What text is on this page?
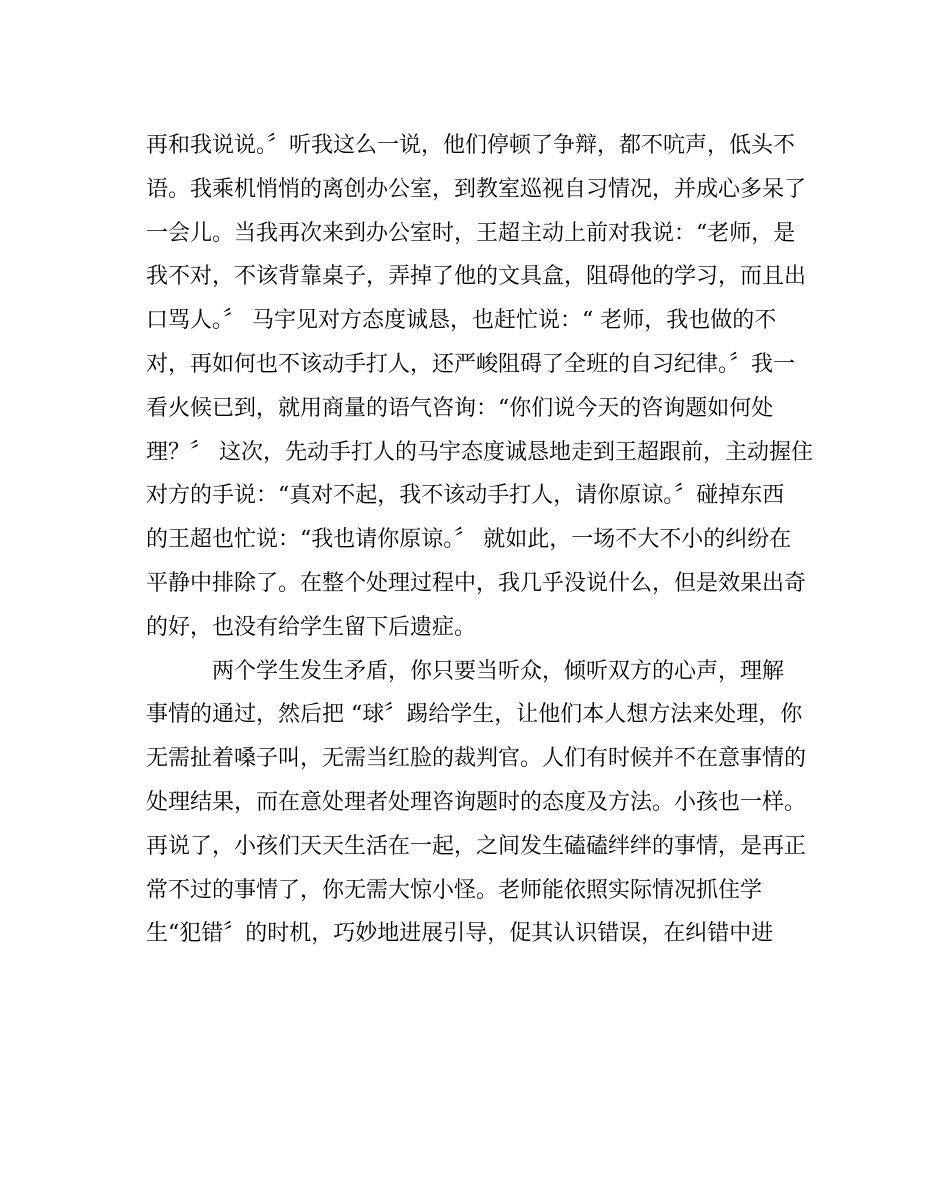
再和我说说。〞听我这么一说，他们停顿了争辩，都不吭声，低头不
语。我乘机悄悄的离创办公室，到教室巡视自习情况，并成心多呆了
一会儿。当我再次来到办公室时，王超主动上前对我说：“老师，是
我不对，不该背靠桌子，弄掉了他的文具盒，阻碍他的学习，而且出
口骂人。〞 马宇见对方态度诚恳，也赶忙说：“ 老师，我也做的不
对，再如何也不该动手打人，还严峻阻碍了全班的自习纪律。〞我一
看火候已到，就用商量的语气咨询：“你们说今天的咨询题如何处
理？〞 这次，先动手打人的马宇态度诚恳地走到王超跟前，主动握住
对方的手说：“真对不起，我不该动手打人，请你原谅。〞碰掉东西
的王超也忙说：“我也请你原谅。〞 就如此，一场不大不小的纠纷在
平静中排除了。在整个处理过程中，我几乎没说什么，但是效果出奇
的好，也没有给学生留下后遗症。
　　　两个学生发生矛盾，你只要当听众，倾听双方的心声，理解
事情的通过，然后把 “球〞踢给学生，让他们本人想方法来处理，你
无需扯着嗓子叫，无需当红脸的裁判官。人们有时候并不在意事情的
处理结果，而在意处理者处理咨询题时的态度及方法。小孩也一样。
再说了，小孩们天天生活在一起，之间发生磕磕绊绊的事情，是再正
常不过的事情了，你无需大惊小怪。老师能依照实际情况抓住学
生“犯错〞的时机，巧妙地进展引导，促其认识错误，在纠错中进
